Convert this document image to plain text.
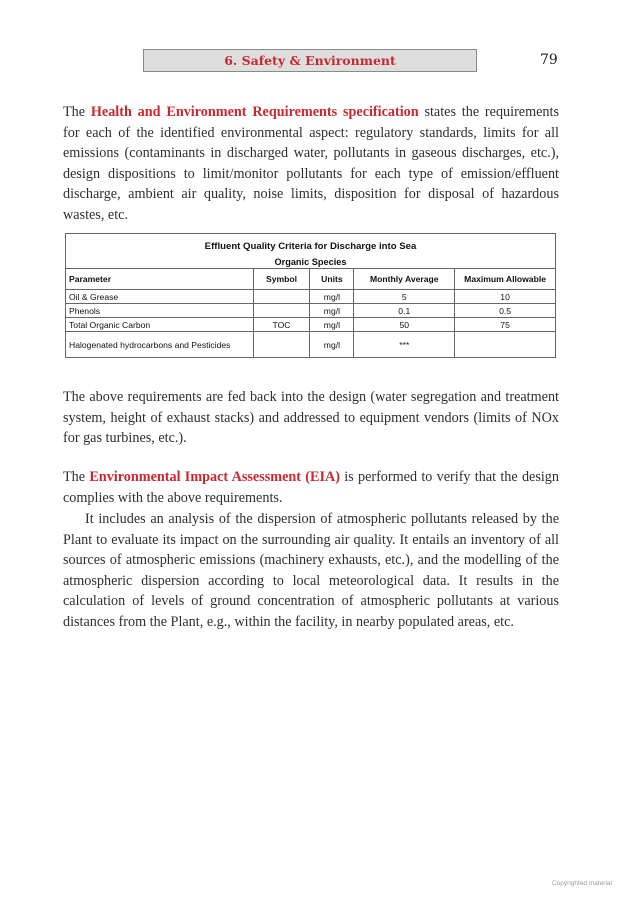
6. Safety & Environment	79

The Health and Environment Requirements specification states the requirements for each of the identified environmental aspect: regulatory standards, limits for all emissions (contaminants in discharged water, pollutants in gaseous discharges, etc.), design dispositions to limit/monitor pollutants for each type of emission/effluent discharge, ambient air quality, noise limits, disposition for disposal of hazardous wastes, etc.

Effluent Quality Criteria for Discharge into Sea				
Organic Species				
Parameter	Symbol	Units	Monthly Average	Maximum Allowable
Oil & Grease		mg/l	5	10
Phenols		mg/l	0.1	0.5
Total Organic Carbon	TOC	mg/l	50	75
Halogenated hydrocarbons and Pesticides		mg/l	***	

The above requirements are fed back into the design (water segregation and treatment system, height of exhaust stacks) and addressed to equipment vendors (limits of NOx for gas turbines, etc.).

The Environmental Impact Assessment (EIA) is performed to verify that the design complies with the above requirements.

It includes an analysis of the dispersion of atmospheric pollutants released by the Plant to evaluate its impact on the surrounding air quality. It entails an inventory of all sources of atmospheric emissions (machinery exhausts, etc.), and the modelling of the atmospheric dispersion according to local meteorological data. It results in the calculation of levels of ground concentration of atmospheric pollutants at various distances from the Plant, e.g., within the facility, in nearby populated areas, etc.

Copyrighted material
